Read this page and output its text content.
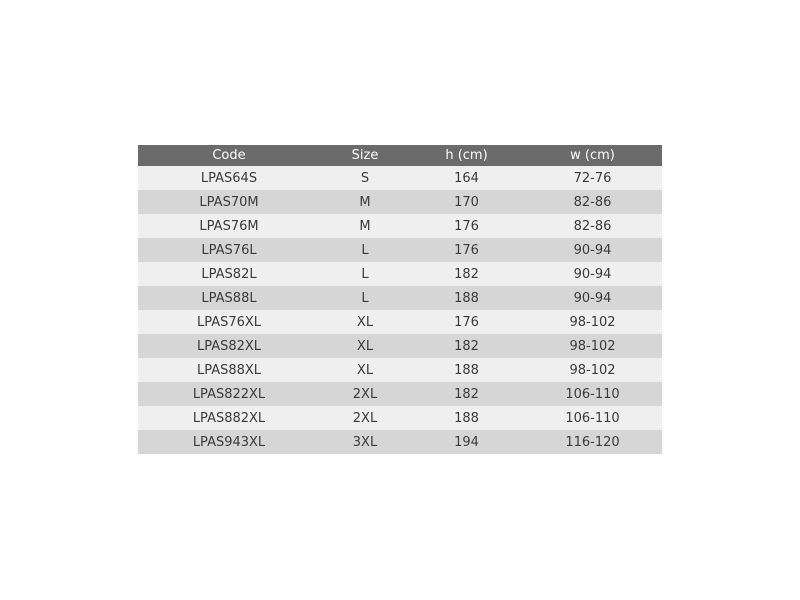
Code	Size	h (cm)	w (cm)
LPAS64S	S	164	72-76
LPAS70M	M	170	82-86
LPAS76M	M	176	82-86
LPAS76L	L	176	90-94
LPAS82L	L	182	90-94
LPAS88L	L	188	90-94
LPAS76XL	XL	176	98-102
LPAS82XL	XL	182	98-102
LPAS88XL	XL	188	98-102
LPAS822XL	2XL	182	106-110
LPAS882XL	2XL	188	106-110
LPAS943XL	3XL	194	116-120
